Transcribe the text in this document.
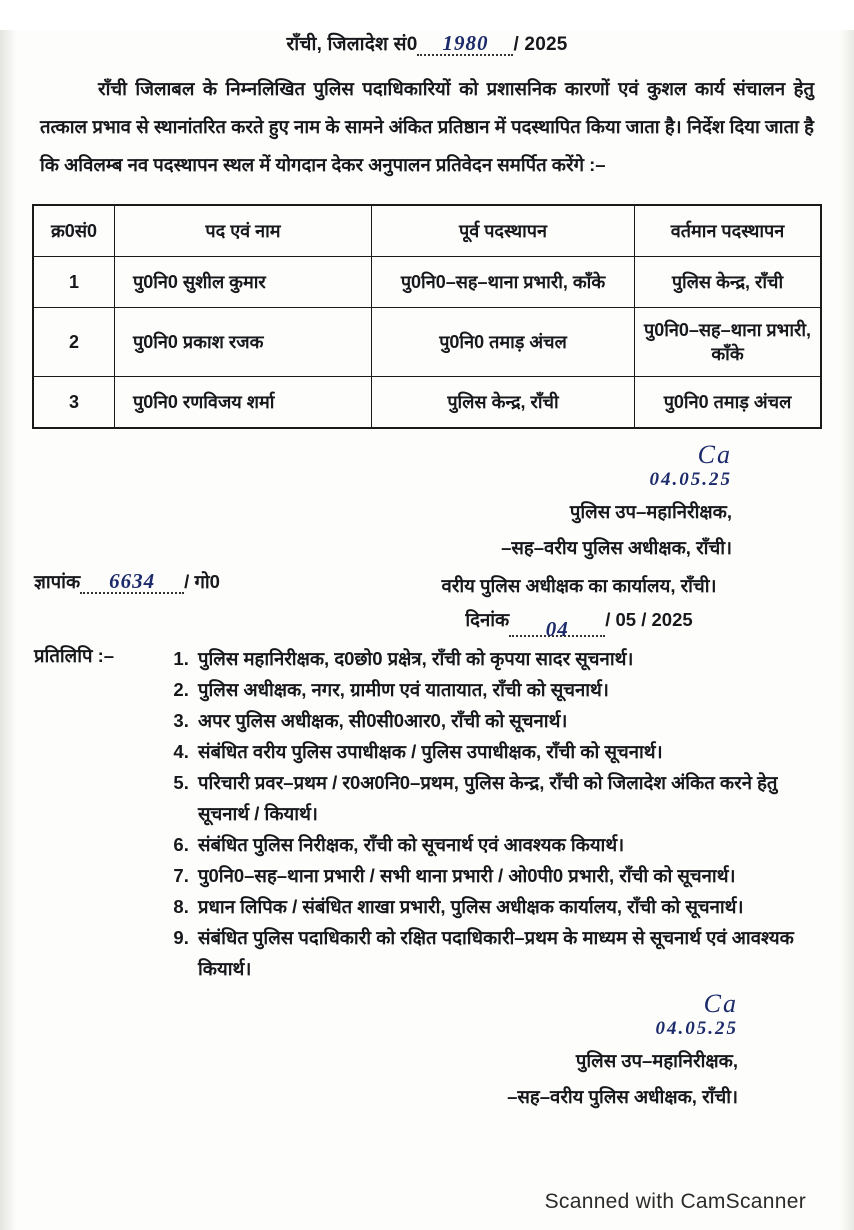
राँची, जिलादेश सं0 1980 / 2025
राँची जिलाबल के निम्नलिखित पुलिस पदाधिकारियों को प्रशासनिक कारणों एवं कुशल कार्य संचालन हेतु तत्काल प्रभाव से स्थानांतरित करते हुए नाम के सामने अंकित प्रतिष्ठान में पदस्थापित किया जाता है। निर्देश दिया जाता है कि अविलम्ब नव पदस्थापन स्थल में योगदान देकर अनुपालन प्रतिवेदन समर्पित करेंगे :–
क्र0सं0	पद एवं नाम	पूर्व पदस्थापन	वर्तमान पदस्थापन
1	पु0नि0 सुशील कुमार	पु0नि0–सह–थाना प्रभारी, काँके	पुलिस केन्द्र, राँची
2	पु0नि0 प्रकाश रजक	पु0नि0 तमाड़ अंचल	पु0नि0–सह–थाना प्रभारी, काँके
3	पु0नि0 रणविजय शर्मा	पुलिस केन्द्र, राँची	पु0नि0 तमाड़ अंचल
Ca
04.05.25
पुलिस उप–महानिरीक्षक,
–सह–वरीय पुलिस अधीक्षक, राँची।
ज्ञापांक 6634 / गो0	वरीय पुलिस अधीक्षक का कार्यालय, राँची।
दिनांक 04 / 05 / 2025
प्रतिलिपि :–	1. पुलिस महानिरीक्षक, द0छो0 प्रक्षेत्र, राँची को कृपया सादर सूचनार्थ।
2. पुलिस अधीक्षक, नगर, ग्रामीण एवं यातायात, राँची को सूचनार्थ।
3. अपर पुलिस अधीक्षक, सी0सी0आर0, राँची को सूचनार्थ।
4. संबंधित वरीय पुलिस उपाधीक्षक / पुलिस उपाधीक्षक, राँची को सूचनार्थ।
5. परिचारी प्रवर–प्रथम / र0अ0नि0–प्रथम, पुलिस केन्द्र, राँची को जिलादेश अंकित करने हेतु सूचनार्थ / कियार्थ।
6. संबंधित पुलिस निरीक्षक, राँची को सूचनार्थ एवं आवश्यक कियार्थ।
7. पु0नि0–सह–थाना प्रभारी / सभी थाना प्रभारी / ओ0पी0 प्रभारी, राँची को सूचनार्थ।
8. प्रधान लिपिक / संबंधित शाखा प्रभारी, पुलिस अधीक्षक कार्यालय, राँची को सूचनार्थ।
9. संबंधित पुलिस पदाधिकारी को रक्षित पदाधिकारी–प्रथम के माध्यम से सूचनार्थ एवं आवश्यक कियार्थ।
Ca
04.05.25
पुलिस उप–महानिरीक्षक,
–सह–वरीय पुलिस अधीक्षक, राँची।
Scanned with CamScanner
